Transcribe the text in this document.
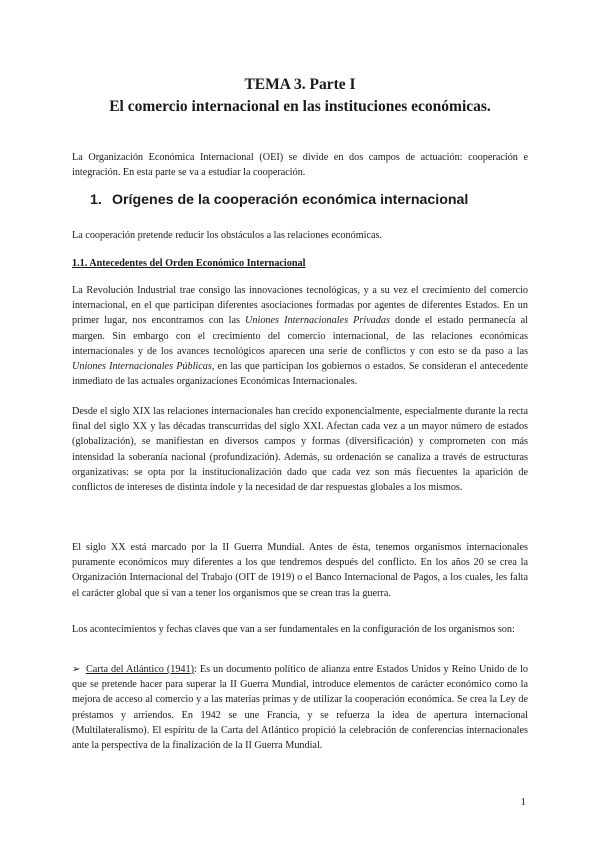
TEMA 3. Parte I
El comercio internacional en las instituciones económicas.
La Organización Económica Internacional (OEI) se divide en dos campos de actuación: cooperación e integración. En esta parte se va a estudiar la cooperación.
1. Orígenes de la cooperación económica internacional
La cooperación pretende reducir los obstáculos a las relaciones económicas.
1.1. Antecedentes del Orden Económico Internacional
La Revolución Industrial trae consigo las innovaciones tecnológicas, y a su vez el crecimiento del comercio internacional, en el que participan diferentes asociaciones formadas por agentes de diferentes Estados. En un primer lugar, nos encontramos con las Uniones Internacionales Privadas donde el estado permanecía al margen. Sin embargo con el crecimiento del comercio internacional, de las relaciones económicas internacionales y de los avances tecnológicos aparecen una serie de conflictos y con esto se da paso a las Uniones Internacionales Públicas, en las que participan los gobiernos o estados. Se consideran el antecedente inmediato de las actuales organizaciones Económicas Internacionales.
Desde el siglo XIX las relaciones internacionales han crecido exponencialmente, especialmente durante la recta final del siglo XX y las décadas transcurridas del siglo XXI. Afectan cada vez a un mayor número de estados (globalización), se manifiestan en diversos campos y formas (diversificación) y comprometen con más intensidad la soberanía nacional (profundización). Además, su ordenación se canaliza a través de estructuras organizativas: se opta por la institucionalización dado que cada vez son más fiecuentes la aparición de conflictos de intereses de distinta índole y la necesidad de dar respuestas globales a los mismos.
El siglo XX está marcado por la II Guerra Mundial. Antes de ésta, tenemos organismos internacionales puramente económicos muy diferentes a los que tendremos después del conflicto. En los años 20 se crea la Organización Internacional del Trabajo (OIT de 1919) o el Banco Internacional de Pagos, a los cuales, les falta el carácter global que sí van a tener los organismos que se crean tras la guerra.
Los acontecimientos y fechas claves que van a ser fundamentales en la configuración de los organismos son:
➢ Carta del Atlántico (1941): Es un documento político de alianza entre Estados Unidos y Reino Unido de lo que se pretende hacer para superar la II Guerra Mundial, introduce elementos de carácter económico como la mejora de acceso al comercio y a las materias primas y de utilizar la cooperación económica. Se crea la Ley de préstamos y arriendos. En 1942 se une Francia, y se refuerza la idea de apertura internacional (Multilateralismo). El espíritu de la Carta del Atlántico propició la celebración de conferencias internacionales ante la perspectiva de la finalización de la II Guerra Mundial.
1
